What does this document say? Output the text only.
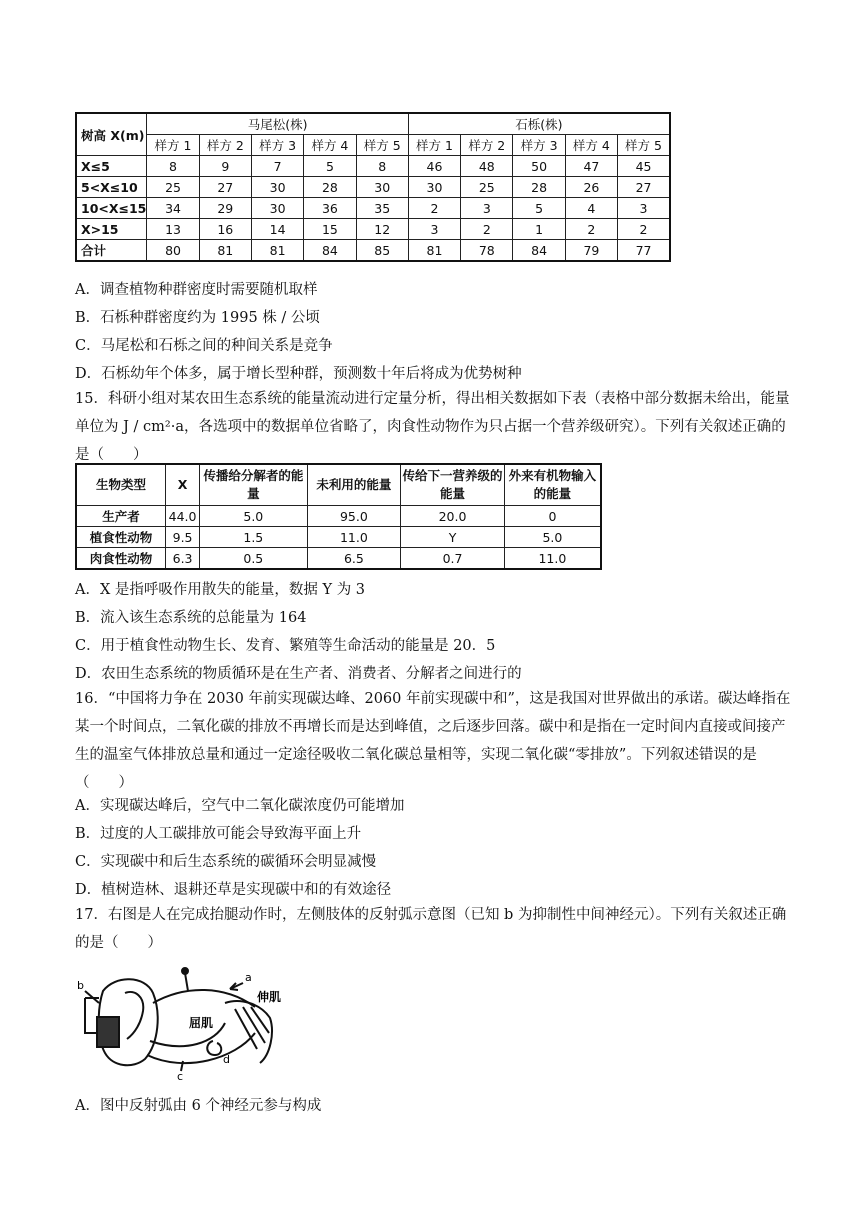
树高 X(m)	马尾松(株)					石栎(株)				
	样方 1	样方 2	样方 3	样方 4	样方 5	样方 1	样方 2	样方 3	样方 4	样方 5
X≤5	8	9	7	5	8	46	48	50	47	45
5<X≤10	25	27	30	28	30	30	25	28	26	27
10<X≤15	34	29	30	36	35	2	3	5	4	3
X>15	13	16	14	15	12	3	2	1	2	2
合计	80	81	81	84	85	81	78	84	79	77
A．调查植物种群密度时需要随机取样
B．石栎种群密度约为 1995 株 / 公顷
C．马尾松和石栎之间的种间关系是竞争
D．石栎幼年个体多，属于增长型种群，预测数十年后将成为优势树种
15．科研小组对某农田生态系统的能量流动进行定量分析，得出相关数据如下表（表格中部分数据未给出，能量单位为 J / cm²·a，各选项中的数据单位省略了，肉食性动物作为只占据一个营养级研究）。下列有关叙述正确的是（　　）
生物类型	X	传播给分解者的能量	未利用的能量	传给下一营养级的能量	外来有机物输入的能量
生产者	44.0	5.0	95.0	20.0	0
植食性动物	9.5	1.5	11.0	Y	5.0
肉食性动物	6.3	0.5	6.5	0.7	11.0
A．X 是指呼吸作用散失的能量，数据 Y 为 3
B．流入该生态系统的总能量为 164
C．用于植食性动物生长、发育、繁殖等生命活动的能量是 20．5
D．农田生态系统的物质循环是在生产者、消费者、分解者之间进行的
16．“中国将力争在 2030 年前实现碳达峰、2060 年前实现碳中和”，这是我国对世界做出的承诺。碳达峰指在某一个时间点，二氧化碳的排放不再增长而是达到峰值，之后逐步回落。碳中和是指在一定时间内直接或间接产生的温室气体排放总量和通过一定途径吸收二氧化碳总量相等，实现二氧化碳“零排放”。下列叙述错误的是（　　）
A．实现碳达峰后，空气中二氧化碳浓度仍可能增加
B．过度的人工碳排放可能会导致海平面上升
C．实现碳中和后生态系统的碳循环会明显减慢
D．植树造林、退耕还草是实现碳中和的有效途径
17．右图是人在完成抬腿动作时，左侧肢体的反射弧示意图（已知 b 为抑制性中间神经元）。下列有关叙述正确的是（　　）
a
b
c
d
屈肌
伸肌
A．图中反射弧由 6 个神经元参与构成
